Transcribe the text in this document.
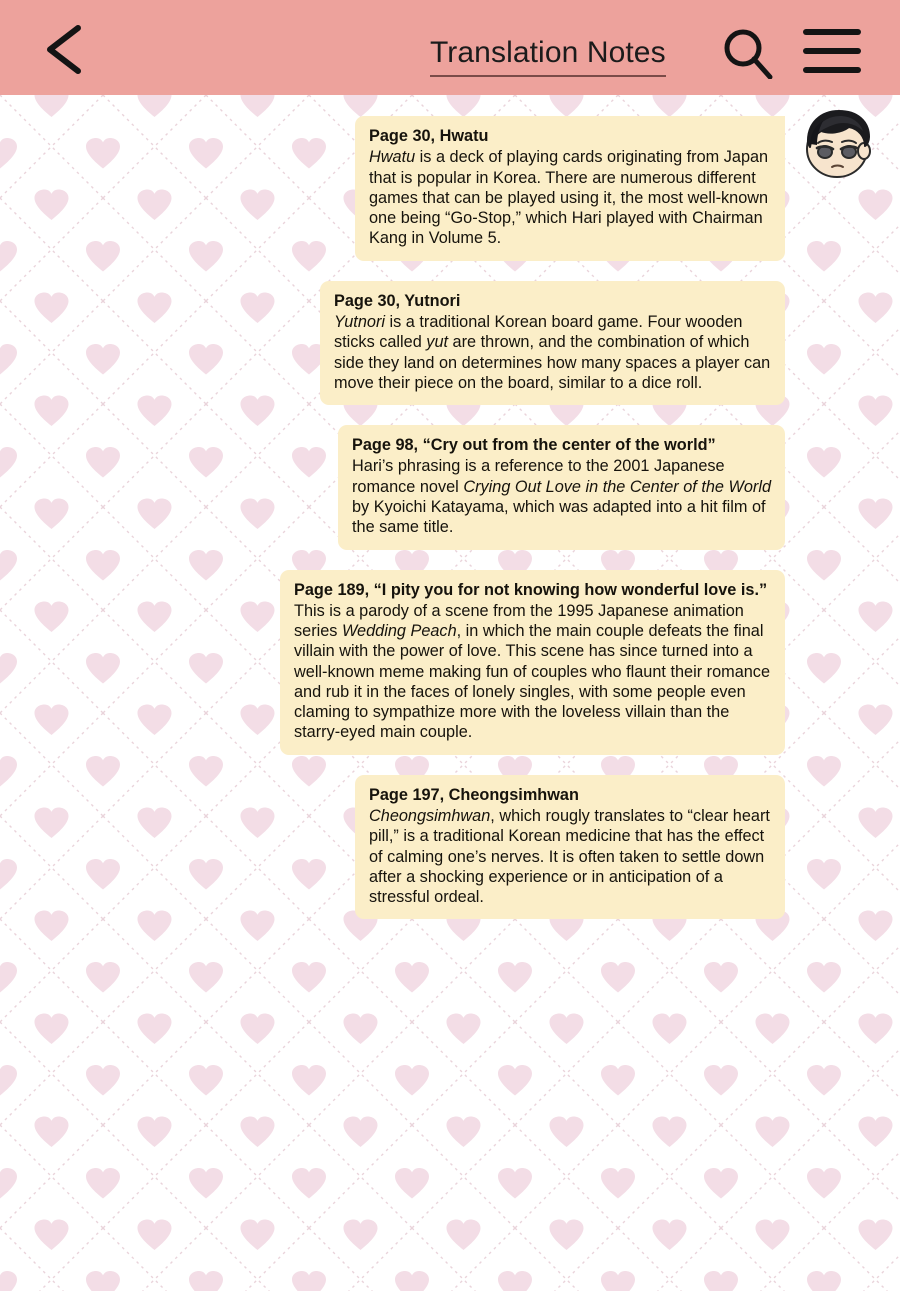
Translation Notes
Page 30, Hwatu
Hwatu is a deck of playing cards originating from Japan that is popular in Korea. There are numerous different games that can be played using it, the most well-known one being “Go-Stop,” which Hari played with Chairman Kang in Volume 5.
Page 30, Yutnori
Yutnori is a traditional Korean board game. Four wooden sticks called yut are thrown, and the combination of which side they land on determines how many spaces a player can move their piece on the board, similar to a dice roll.
Page 98, “Cry out from the center of the world”
Hari’s phrasing is a reference to the 2001 Japanese romance novel Crying Out Love in the Center of the World by Kyoichi Katayama, which was adapted into a hit film of the same title.
Page 189, “I pity you for not knowing how wonderful love is.”
This is a parody of a scene from the 1995 Japanese animation series Wedding Peach, in which the main couple defeats the final villain with the power of love. This scene has since turned into a well-known meme making fun of couples who flaunt their romance and rub it in the faces of lonely singles, with some people even claming to sympathize more with the loveless villain than the starry-eyed main couple.
Page 197, Cheongsimhwan
Cheongsimhwan, which rougly translates to “clear heart pill,” is a traditional Korean medicine that has the effect of calming one’s nerves. It is often taken to settle down after a shocking experience or in anticipation of a stressful ordeal.
